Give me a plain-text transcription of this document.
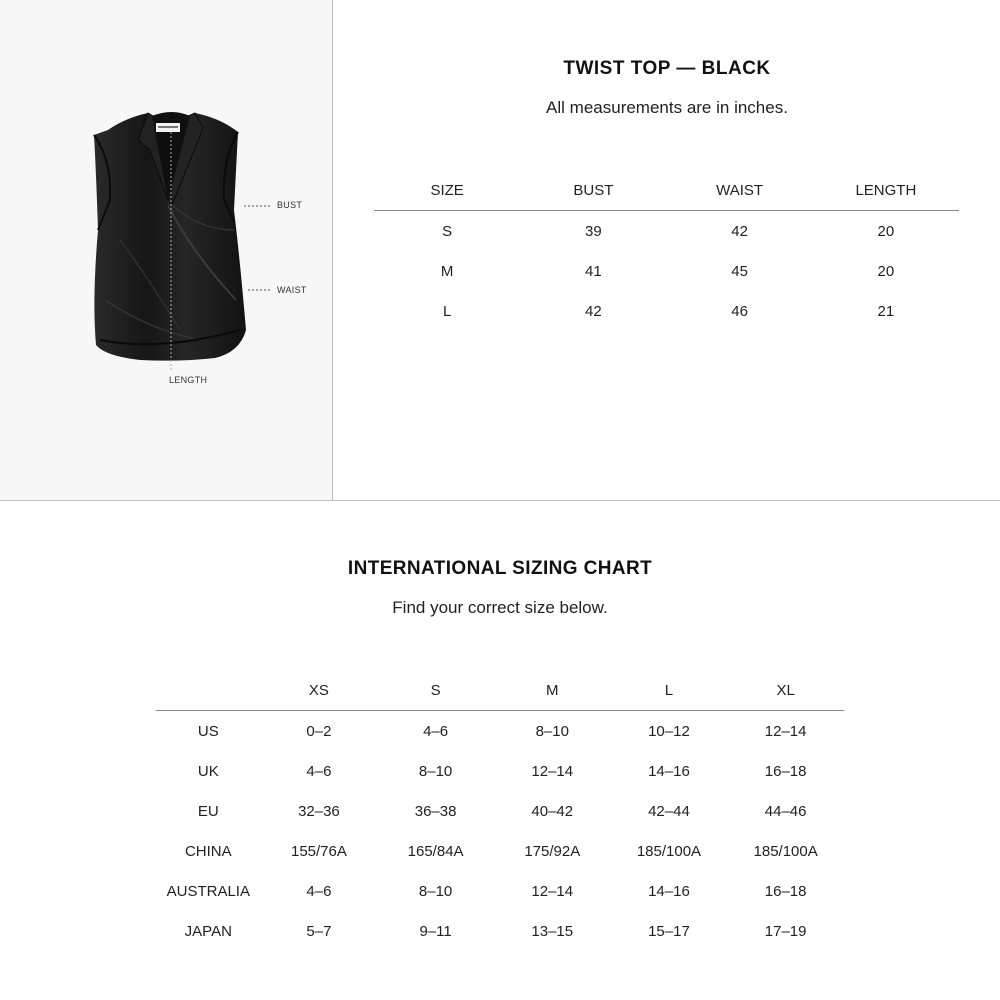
BUST
WAIST
LENGTH
TWIST TOP — BLACK
All measurements are in inches.
SIZE	BUST	WAIST	LENGTH
S	39	42	20
M	41	45	20
L	42	46	21
INTERNATIONAL SIZING CHART
Find your correct size below.
	XS	S	M	L	XL
US	0–2	4–6	8–10	10–12	12–14
UK	4–6	8–10	12–14	14–16	16–18
EU	32–36	36–38	40–42	42–44	44–46
CHINA	155/76A	165/84A	175/92A	185/100A	185/100A
AUSTRALIA	4–6	8–10	12–14	14–16	16–18
JAPAN	5–7	9–11	13–15	15–17	17–19
